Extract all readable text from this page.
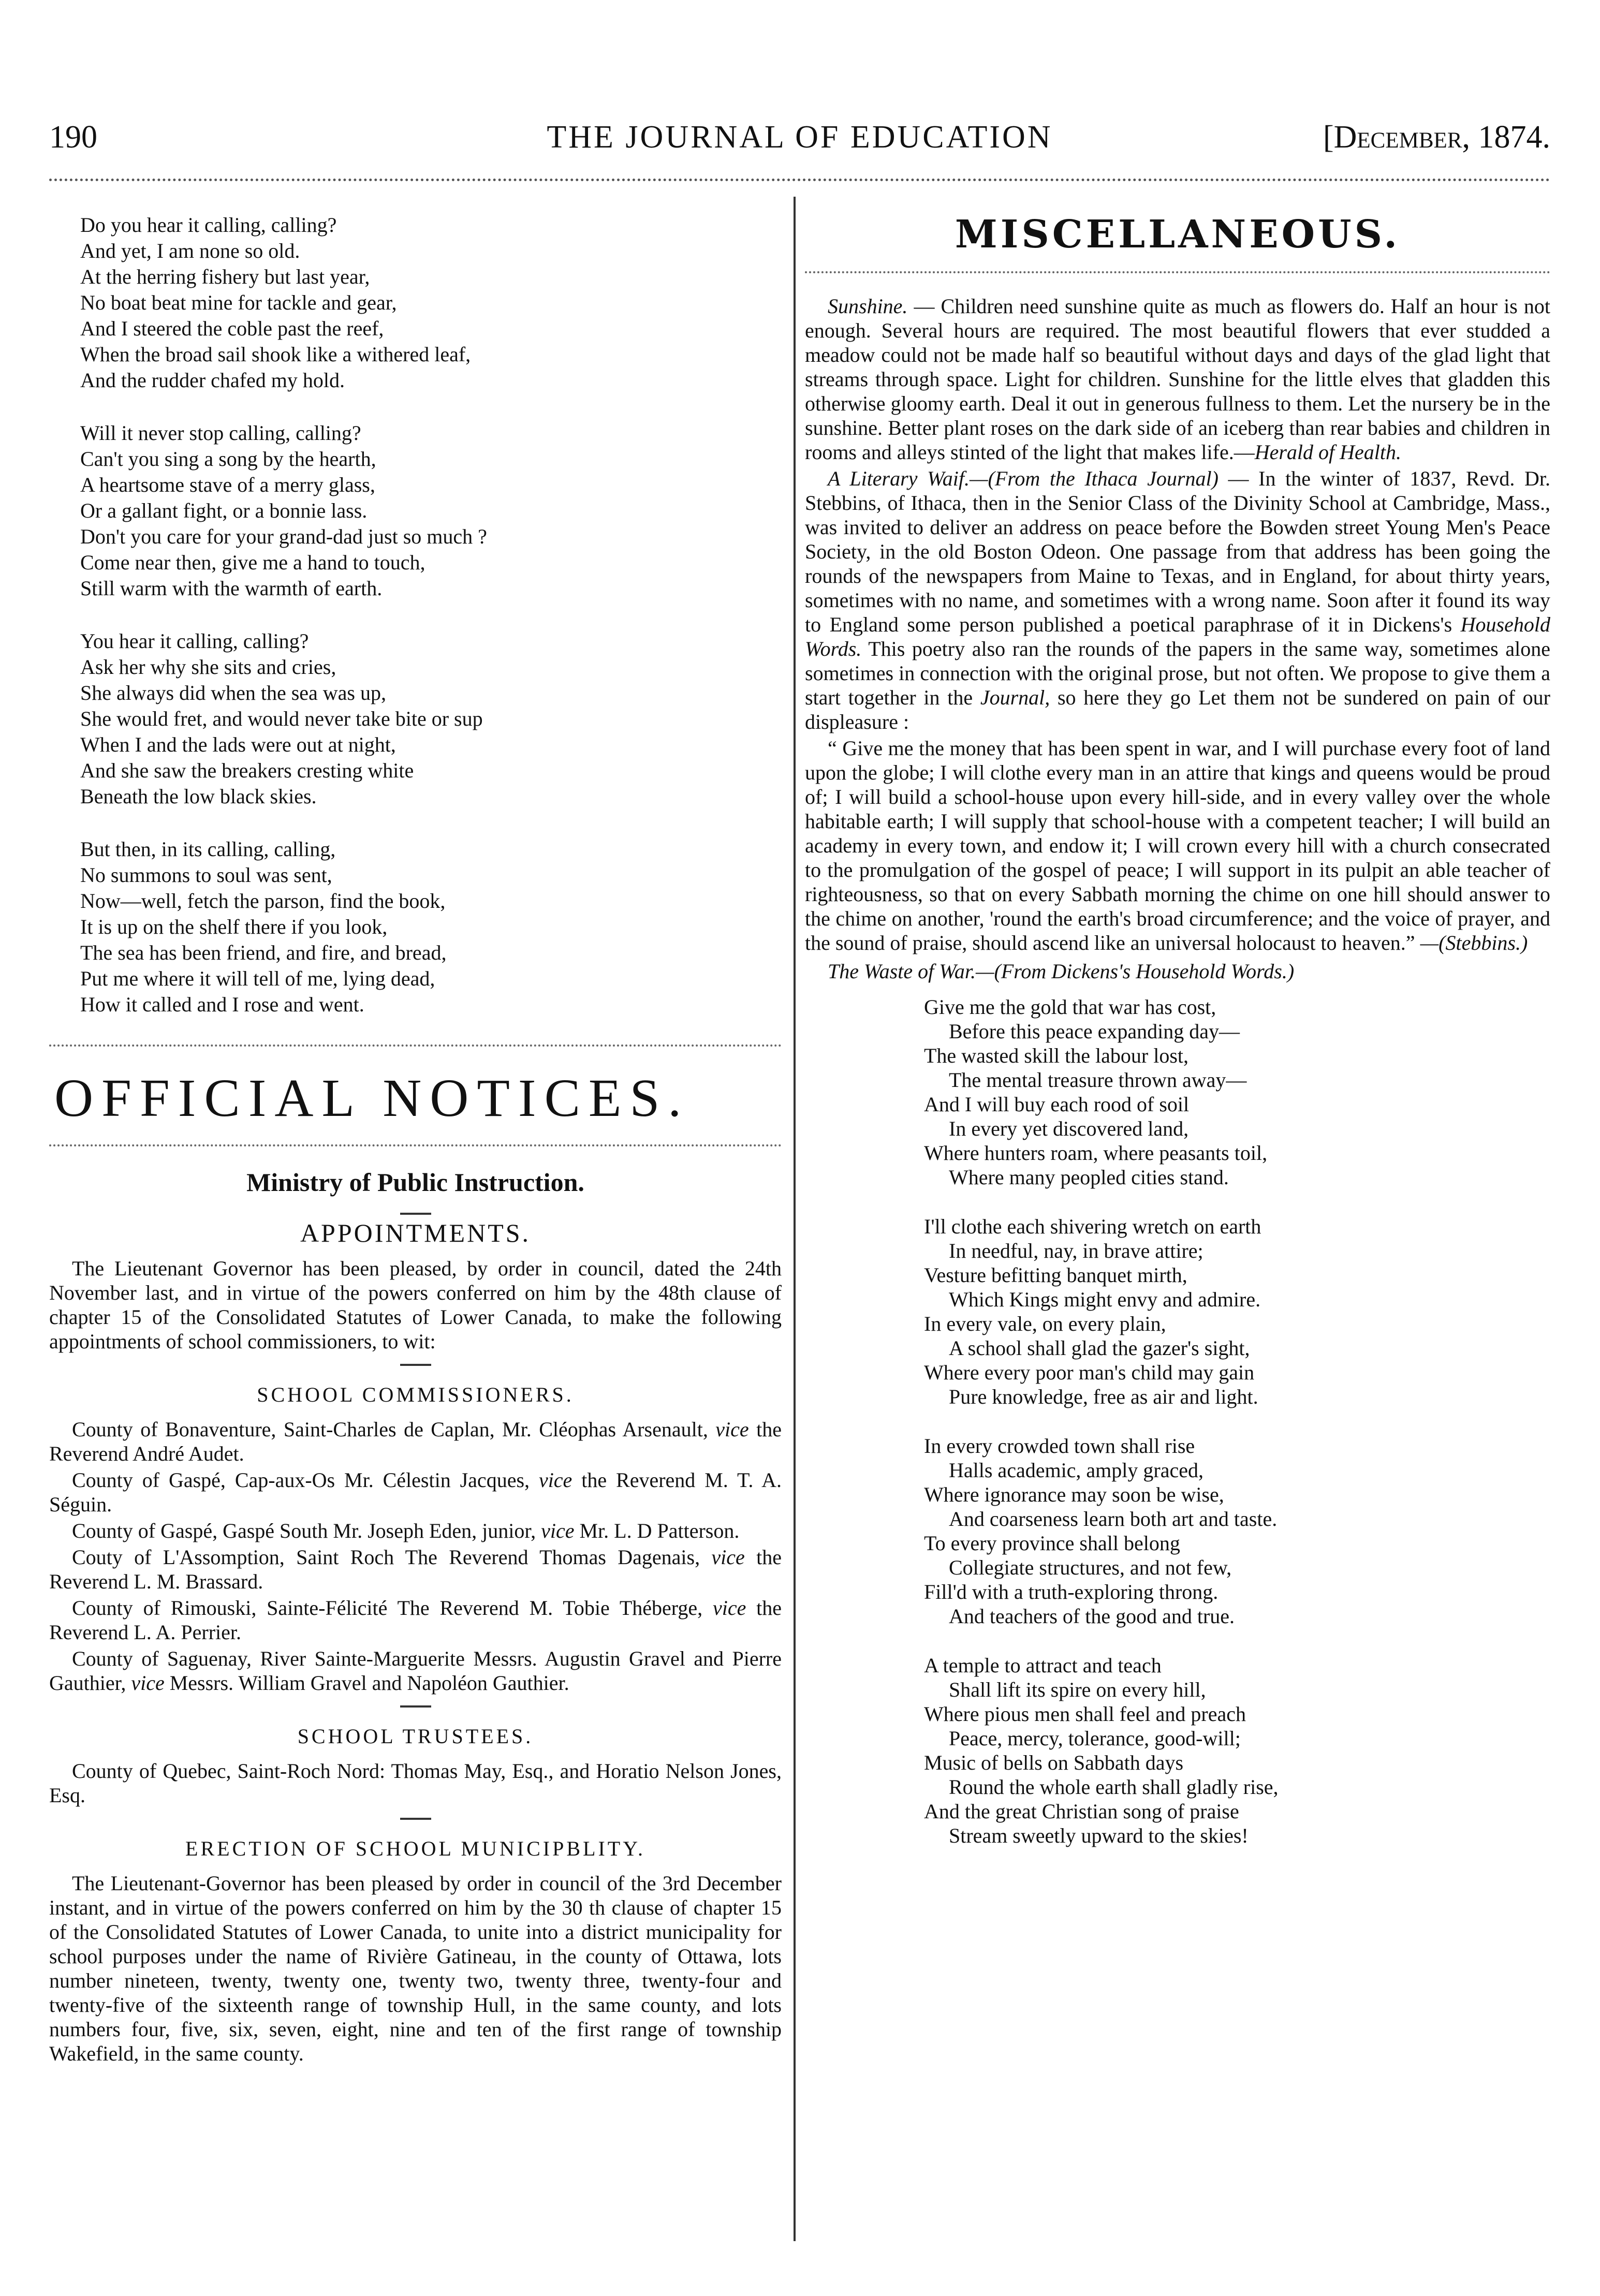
190	THE JOURNAL OF EDUCATION	[December, 1874.
Do you hear it calling, calling?
And yet, I am none so old.
At the herring fishery but last year,
No boat beat mine for tackle and gear,
And I steered the coble past the reef,
When the broad sail shook like a withered leaf,
And the rudder chafed my hold.
Will it never stop calling, calling?
Can't you sing a song by the hearth,
A heartsome stave of a merry glass,
Or a gallant fight, or a bonnie lass.
Don't you care for your grand-dad just so much ?
Come near then, give me a hand to touch,
Still warm with the warmth of earth.
You hear it calling, calling?
Ask her why she sits and cries,
She always did when the sea was up,
She would fret, and would never take bite or sup
When I and the lads were out at night,
And she saw the breakers cresting white
Beneath the low black skies.
But then, in its calling, calling,
No summons to soul was sent,
Now—well, fetch the parson, find the book,
It is up on the shelf there if you look,
The sea has been friend, and fire, and bread,
Put me where it will tell of me, lying dead,
How it called and I rose and went.
OFFICIAL NOTICES.
Ministry of Public Instruction.
APPOINTMENTS.

The Lieutenant Governor has been pleased, by order in council, dated the 24th November last, and in virtue of the powers conferred on him by the 48th clause of chapter 15 of the Consolidated Statutes of Lower Canada, to make the following appointments of school commissioners, to wit:

SCHOOL COMMISSIONERS.

County of Bonaventure, Saint-Charles de Caplan, Mr. Cléophas Arsenault, vice the Reverend André Audet.

County of Gaspé, Cap-aux-Os Mr. Célestin Jacques, vice the Reverend M. T. A. Séguin.

County of Gaspé, Gaspé South Mr. Joseph Eden, junior, vice Mr. L. D Patterson.

Couty of L'Assomption, Saint Roch The Reverend Thomas Dagenais, vice the Reverend L. M. Brassard.

County of Rimouski, Sainte-Félicité The Reverend M. Tobie Théberge, vice the Reverend L. A. Perrier.

County of Saguenay, River Sainte-Marguerite Messrs. Augustin Gravel and Pierre Gauthier, vice Messrs. William Gravel and Napoléon Gauthier.

SCHOOL TRUSTEES.

County of Quebec, Saint-Roch Nord: Thomas May, Esq., and Horatio Nelson Jones, Esq.

ERECTION OF SCHOOL MUNICIPBLITY.

The Lieutenant-Governor has been pleased by order in council of the 3rd December instant, and in virtue of the powers conferred on him by the 30 th clause of chapter 15 of the Consolidated Statutes of Lower Canada, to unite into a district municipality for school purposes under the name of Rivière Gatineau, in the county of Ottawa, lots number nineteen, twenty, twenty one, twenty two, twenty three, twenty-four and twenty-five of the sixteenth range of township Hull, in the same county, and lots numbers four, five, six, seven, eight, nine and ten of the first range of township Wakefield, in the same county.

MISCELLANEOUS.

Sunshine. — Children need sunshine quite as much as flowers do. Half an hour is not enough. Several hours are required. The most beautiful flowers that ever studded a meadow could not be made half so beautiful without days and days of the glad light that streams through space. Light for children. Sunshine for the little elves that gladden this otherwise gloomy earth. Deal it out in generous fullness to them. Let the nursery be in the sunshine. Better plant roses on the dark side of an iceberg than rear babies and children in rooms and alleys stinted of the light that makes life.—Herald of Health.

A Literary Waif.—(From the Ithaca Journal) — In the winter of 1837, Revd. Dr. Stebbins, of Ithaca, then in the Senior Class of the Divinity School at Cambridge, Mass., was invited to deliver an address on peace before the Bowden street Young Men's Peace Society, in the old Boston Odeon. One passage from that address has been going the rounds of the newspapers from Maine to Texas, and in England, for about thirty years, sometimes with no name, and sometimes with a wrong name. Soon after it found its way to England some person published a poetical paraphrase of it in Dickens's Household Words. This poetry also ran the rounds of the papers in the same way, sometimes alone sometimes in connection with the original prose, but not often. We propose to give them a start together in the Journal, so here they go Let them not be sundered on pain of our displeasure :

“ Give me the money that has been spent in war, and I will purchase every foot of land upon the globe; I will clothe every man in an attire that kings and queens would be proud of; I will build a school-house upon every hill-side, and in every valley over the whole habitable earth; I will supply that school-house with a competent teacher; I will build an academy in every town, and endow it; I will crown every hill with a church consecrated to the promulgation of the gospel of peace; I will support in its pulpit an able teacher of righteousness, so that on every Sabbath morning the chime on one hill should answer to the chime on another, 'round the earth's broad circumference; and the voice of prayer, and the sound of praise, should ascend like an universal holocaust to heaven.” —(Stebbins.)

The Waste of War.—(From Dickens's Household Words.)

Give me the gold that war has cost,
Before this peace expanding day—
The wasted skill the labour lost,
The mental treasure thrown away—
And I will buy each rood of soil
In every yet discovered land,
Where hunters roam, where peasants toil,
Where many peopled cities stand.
I'll clothe each shivering wretch on earth
In needful, nay, in brave attire;
Vesture befitting banquet mirth,
Which Kings might envy and admire.
In every vale, on every plain,
A school shall glad the gazer's sight,
Where every poor man's child may gain
Pure knowledge, free as air and light.
In every crowded town shall rise
Halls academic, amply graced,
Where ignorance may soon be wise,
And coarseness learn both art and taste.
To every province shall belong
Collegiate structures, and not few,
Fill'd with a truth-exploring throng.
And teachers of the good and true.
A temple to attract and teach
Shall lift its spire on every hill,
Where pious men shall feel and preach
Peace, mercy, tolerance, good-will;
Music of bells on Sabbath days
Round the whole earth shall gladly rise,
And the great Christian song of praise
Stream sweetly upward to the skies!
